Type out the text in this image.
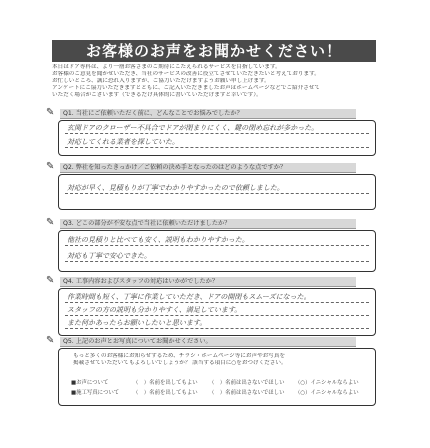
お客様のお声をお聞かせください！

本日はドア専科は、より一層お客さまのご期待にこたえられるサービスを目指しています。

お客様のご意見を聞かせいただき、当社のサービスの改善に役立てさせていただきたいと考えております。

お忙しいところ、誠に恐れ入りますが、ご協力いただけますようお願い申し上げます。

アンケートにご協力いただきますとともに、ご記入いただきましたお声はホームページなどでご紹介させて

いただく場合がございます（できるだけ具体的に書いていただけますと幸いです）。

✎	Q1. 当社にご依頼いただく前に、どんなことでお悩みでしたか？
玄関ドアのクローザー不具合でドアが閉まりにくく、鍵の閉め忘れが多かった。
対応してくれる業者を探していた。
✎	Q2. 弊社を知ったきっかけ／ご依頼の決め手となったのはどのような点ですか？
対応が早く、見積もりが丁寧でわかりやすかったので依頼しました。
✎	Q3. どこの部分が不安な点で当社に依頼いただけましたか？
他社の見積りと比べても安く、説明もわかりやすかった。
対応も丁寧で安心できた。
✎	Q4. 工事内容およびスタッフの対応はいかがでしたか？
作業時間も短く、丁寧に作業していただき、ドアの開閉もスムーズになった。
スタッフの方の説明も分かりやすく、満足しています。
また何かあったらお願いしたいと思います。
✎	Q5. 上記のお声とお写真についてお聞かせください。

もっと多くのお客様にお知らせするため、チラシ・ホームページ等にお声やお写真を

掲載させていただいてもよろしいでしょうか？ 該当する項目に○をおつけください。

■お声について	（　）名前を出してもよい （　）名前は出さないでほしい （○）イニシャルならよい
■施工写真について	（　）名前を出してもよい （　）名前は出さないでほしい （○）イニシャルならよい
